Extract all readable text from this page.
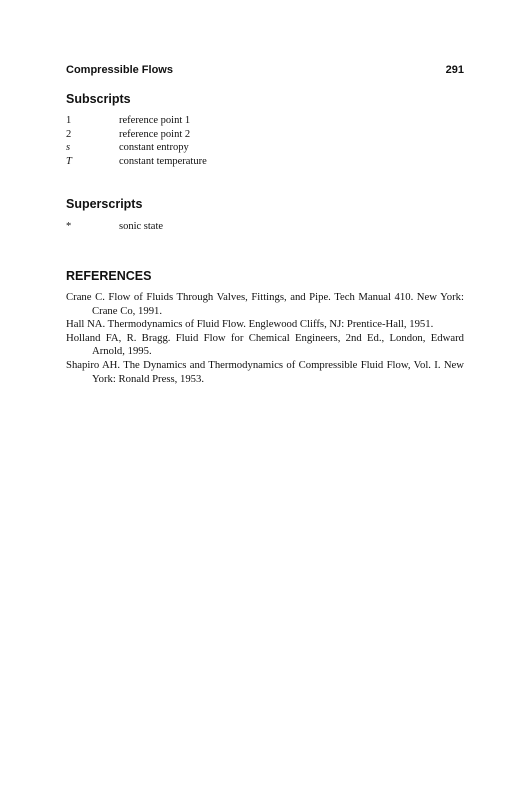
Compressible Flows	291
Subscripts
1	reference point 1
2	reference point 2
s	constant entropy
T	constant temperature
Superscripts
*	sonic state
REFERENCES

Crane C. Flow of Fluids Through Valves, Fittings, and Pipe. Tech Manual 410. New York: Crane Co, 1991.

Hall NA. Thermodynamics of Fluid Flow. Englewood Cliffs, NJ: Prentice-Hall, 1951.

Holland FA, R. Bragg. Fluid Flow for Chemical Engineers, 2nd Ed., London, Edward Arnold, 1995.

Shapiro AH. The Dynamics and Thermodynamics of Compressible Fluid Flow, Vol. I. New York: Ronald Press, 1953.
